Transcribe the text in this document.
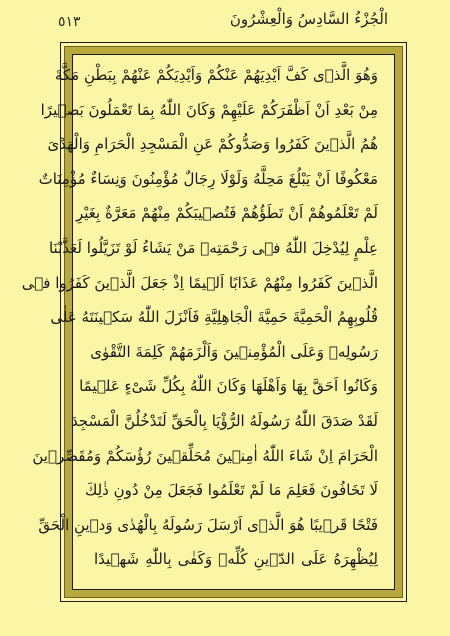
٥١٣	الْجُزْءُ السَّادِسُ وَالْعِشْرُونَ
وَهُوَ الَّذٖى كَفَّ اَيْدِيَهُمْ عَنْكُمْ وَاَيْدِيَكُمْ عَنْهُمْ بِبَطْنِ مَكَّةَ
مِنْ بَعْدِ اَنْ اَظْفَرَكُمْ عَلَيْهِمْ وَكَانَ اللّٰهُ بِمَا تَعْمَلُونَ بَصٖيرًا
هُمُ الَّذٖينَ كَفَرُوا وَصَدُّوكُمْ عَنِ الْمَسْجِدِ الْحَرَامِ وَالْهَدْىَ
مَعْكُوفًا اَنْ يَبْلُغَ مَحِلَّهُ وَلَوْلَا رِجَالٌ مُؤْمِنُونَ وَنِسَاءٌ مُؤْمِنَاتٌ
لَمْ تَعْلَمُوهُمْ اَنْ تَطَؤُهُمْ فَتُصٖيبَكُمْ مِنْهُمْ مَعَرَّةٌ بِغَيْرِ
عِلْمٍ لِيُدْخِلَ اللّٰهُ فٖى رَحْمَتِهٖ مَنْ يَشَاءُ لَوْ تَزَيَّلُوا لَعَذَّبْنَا
الَّذٖينَ كَفَرُوا مِنْهُمْ عَذَابًا اَلٖيمًا اِذْ جَعَلَ الَّذٖينَ كَفَرُوا فٖى
قُلُوبِهِمُ الْحَمِيَّةَ حَمِيَّةَ الْجَاهِلِيَّةِ فَاَنْزَلَ اللّٰهُ سَكٖينَتَهُ عَلٰى
رَسُولِهٖ وَعَلَى الْمُؤْمِنٖينَ وَاَلْزَمَهُمْ كَلِمَةَ التَّقْوٰى
وَكَانُوا اَحَقَّ بِهَا وَاَهْلَهَا وَكَانَ اللّٰهُ بِكُلِّ شَىْءٍ عَلٖيمًا
لَقَدْ صَدَقَ اللّٰهُ رَسُولَهُ الرُّؤْيَا بِالْحَقِّ لَتَدْخُلُنَّ الْمَسْجِدَ
الْحَرَامَ اِنْ شَاءَ اللّٰهُ اٰمِنٖينَ مُحَلِّقٖينَ رُؤُسَكُمْ وَمُقَصِّرٖينَ
لَا تَخَافُونَ فَعَلِمَ مَا لَمْ تَعْلَمُوا فَجَعَلَ مِنْ دُونِ ذٰلِكَ
فَتْحًا قَرٖيبًا هُوَ الَّذٖى اَرْسَلَ رَسُولَهُ بِالْهُدٰى وَدٖينِ الْحَقِّ
لِيُظْهِرَهُ عَلَى الدّٖينِ كُلِّهٖ وَكَفٰى بِاللّٰهِ شَهٖيدًا
